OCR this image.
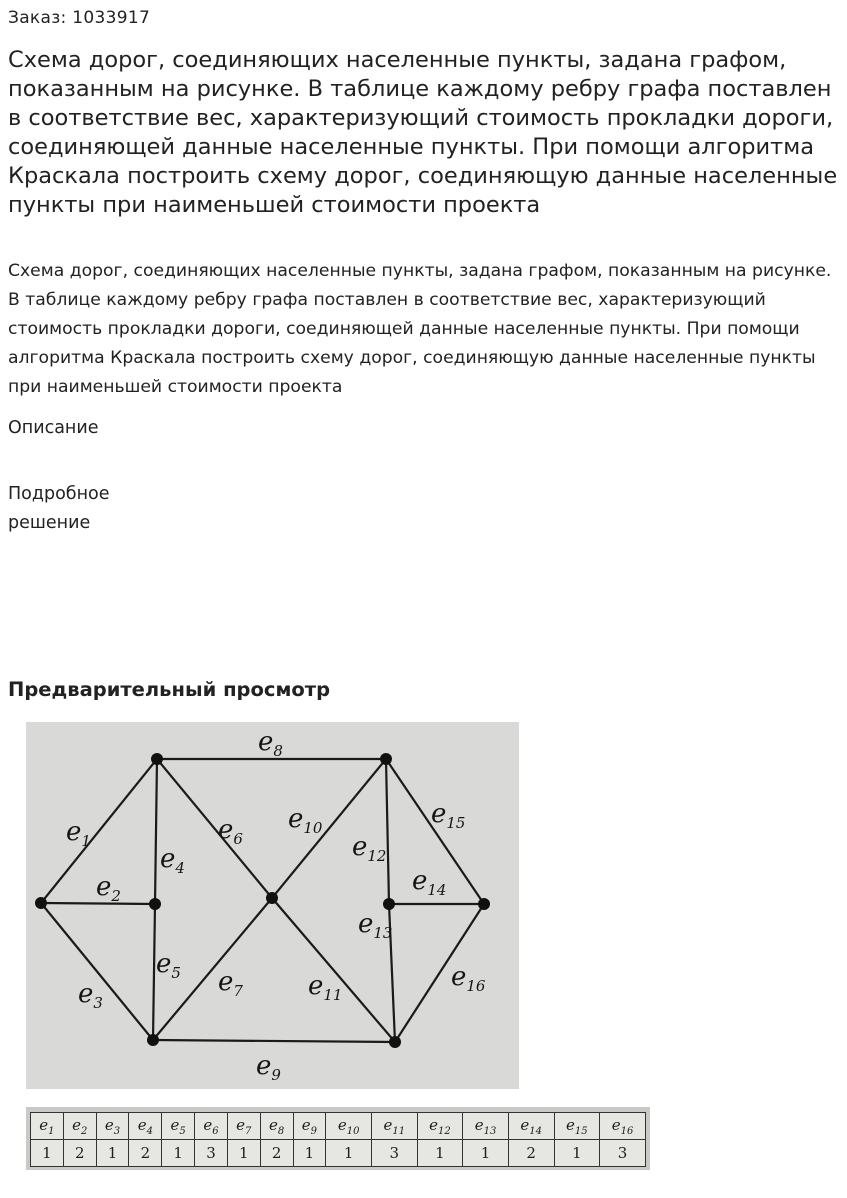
Заказ: 1033917
Схема дорог, соединяющих населенные пункты, задана графом, показанным на рисунке. В таблице каждому ребру графа поставлен в соответствие вес, характеризующий стоимость прокладки дороги, соединяющей данные населенные пункты. При помощи алгоритма Краскала построить схему дорог, соединяющую данные населенные пункты при наименьшей стоимости проекта

Схема дорог, соединяющих населенные пункты, задана графом, показанным на рисунке. В таблице каждому ребру графа поставлен в соответствие вес, характеризующий стоимость прокладки дороги, соединяющей данные населенные пункты. При помощи алгоритма Краскала построить схему дорог, соединяющую данные населенные пункты при наименьшей стоимости проекта

Описание
Подробное решение
Предварительный просмотр
$e_1$
$e_2$
$e_3$
$e_4$
$e_5$
$e_6$
$e_7$
$e_8$
$e_9$
$e_{10}$
$e_{11}$
$e_{12}$
$e_{13}$
$e_{14}$
$e_{15}$
$e_{16}$
$e_1$	$e_2$	$e_3$	$e_4$	$e_5$	$e_6$	$e_7$	$e_8$	$e_9$	$e_{10}$	$e_{11}$	$e_{12}$	$e_{13}$	$e_{14}$	$e_{15}$	$e_{16}$
1	2	1	2	1	3	1	2	1	1	3	1	1	2	1	3
